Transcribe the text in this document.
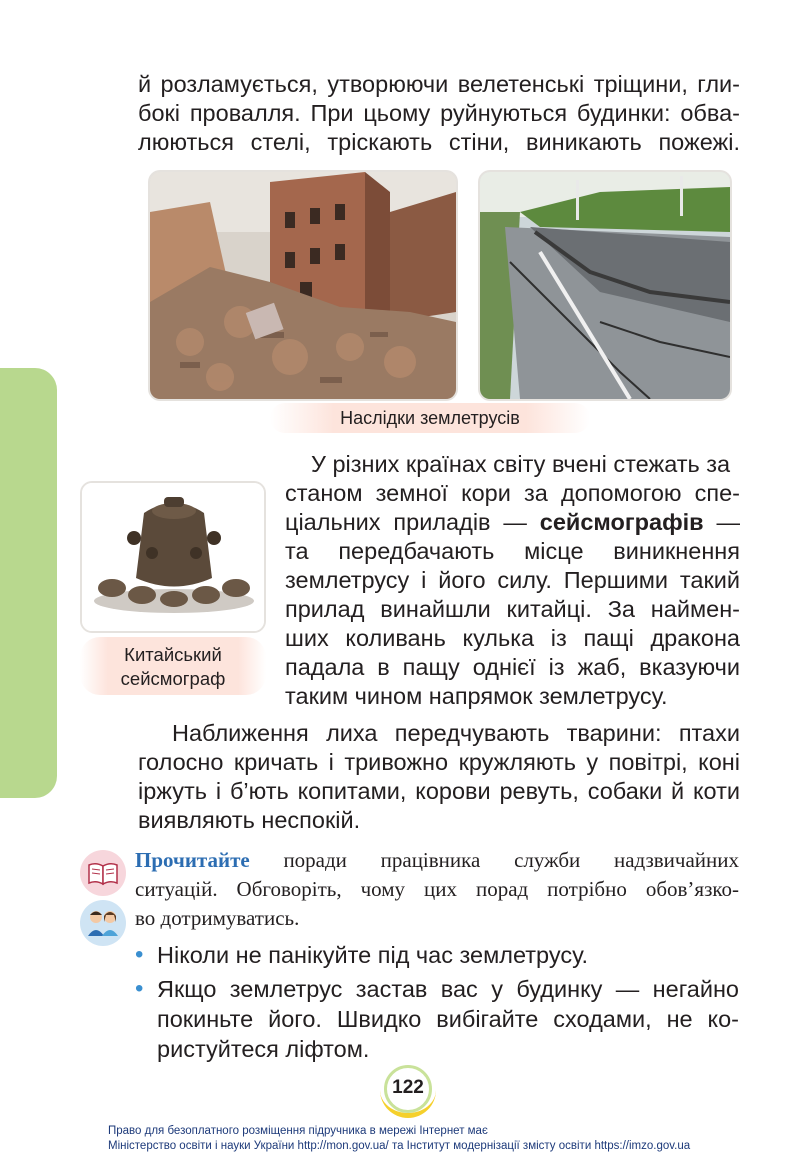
й розламується, утворюючи велетенські тріщини, гли-
бокі провалля. При цьому руйнуються будинки: обва-
люються стелі, тріскають стіни, виникають пожежі.
Наслідки землетрусів
Китайський
сейсмограф
У різних країнах світу вчені стежать за
станом земної кори за допомогою спе-
ціальних приладів — сейсмографів —
та передбачають місце виникнення
землетрусу і його силу. Першими такий
прилад винайшли китайці. За наймен-
ших коливань кулька із пащі дракона
падала в пащу однієї із жаб, вказуючи
таким чином напрямок землетрусу.
Наближення лиха передчувають тварини: птахи
голосно кричать і тривожно кружляють у повітрі, коні
іржуть і б’ють копитами, корови ревуть, собаки й коти
виявляють неспокій.
Прочитайте поради працівника служби надзвичайних
ситуацій. Обговоріть, чому цих порад потрібно обов’язко-
во дотримуватись.
• Ніколи не панікуйте під час землетрусу.
• Якщо землетрус застав вас у будинку — негайно
покиньте його. Швидко вибігайте сходами, не ко-
ристуйтеся ліфтом.
122
Право для безоплатного розміщення підручника в мережі Інтернет має
Міністерство освіти і науки України http://mon.gov.ua/ та Інститут модернізації змісту освіти https://imzo.gov.ua
